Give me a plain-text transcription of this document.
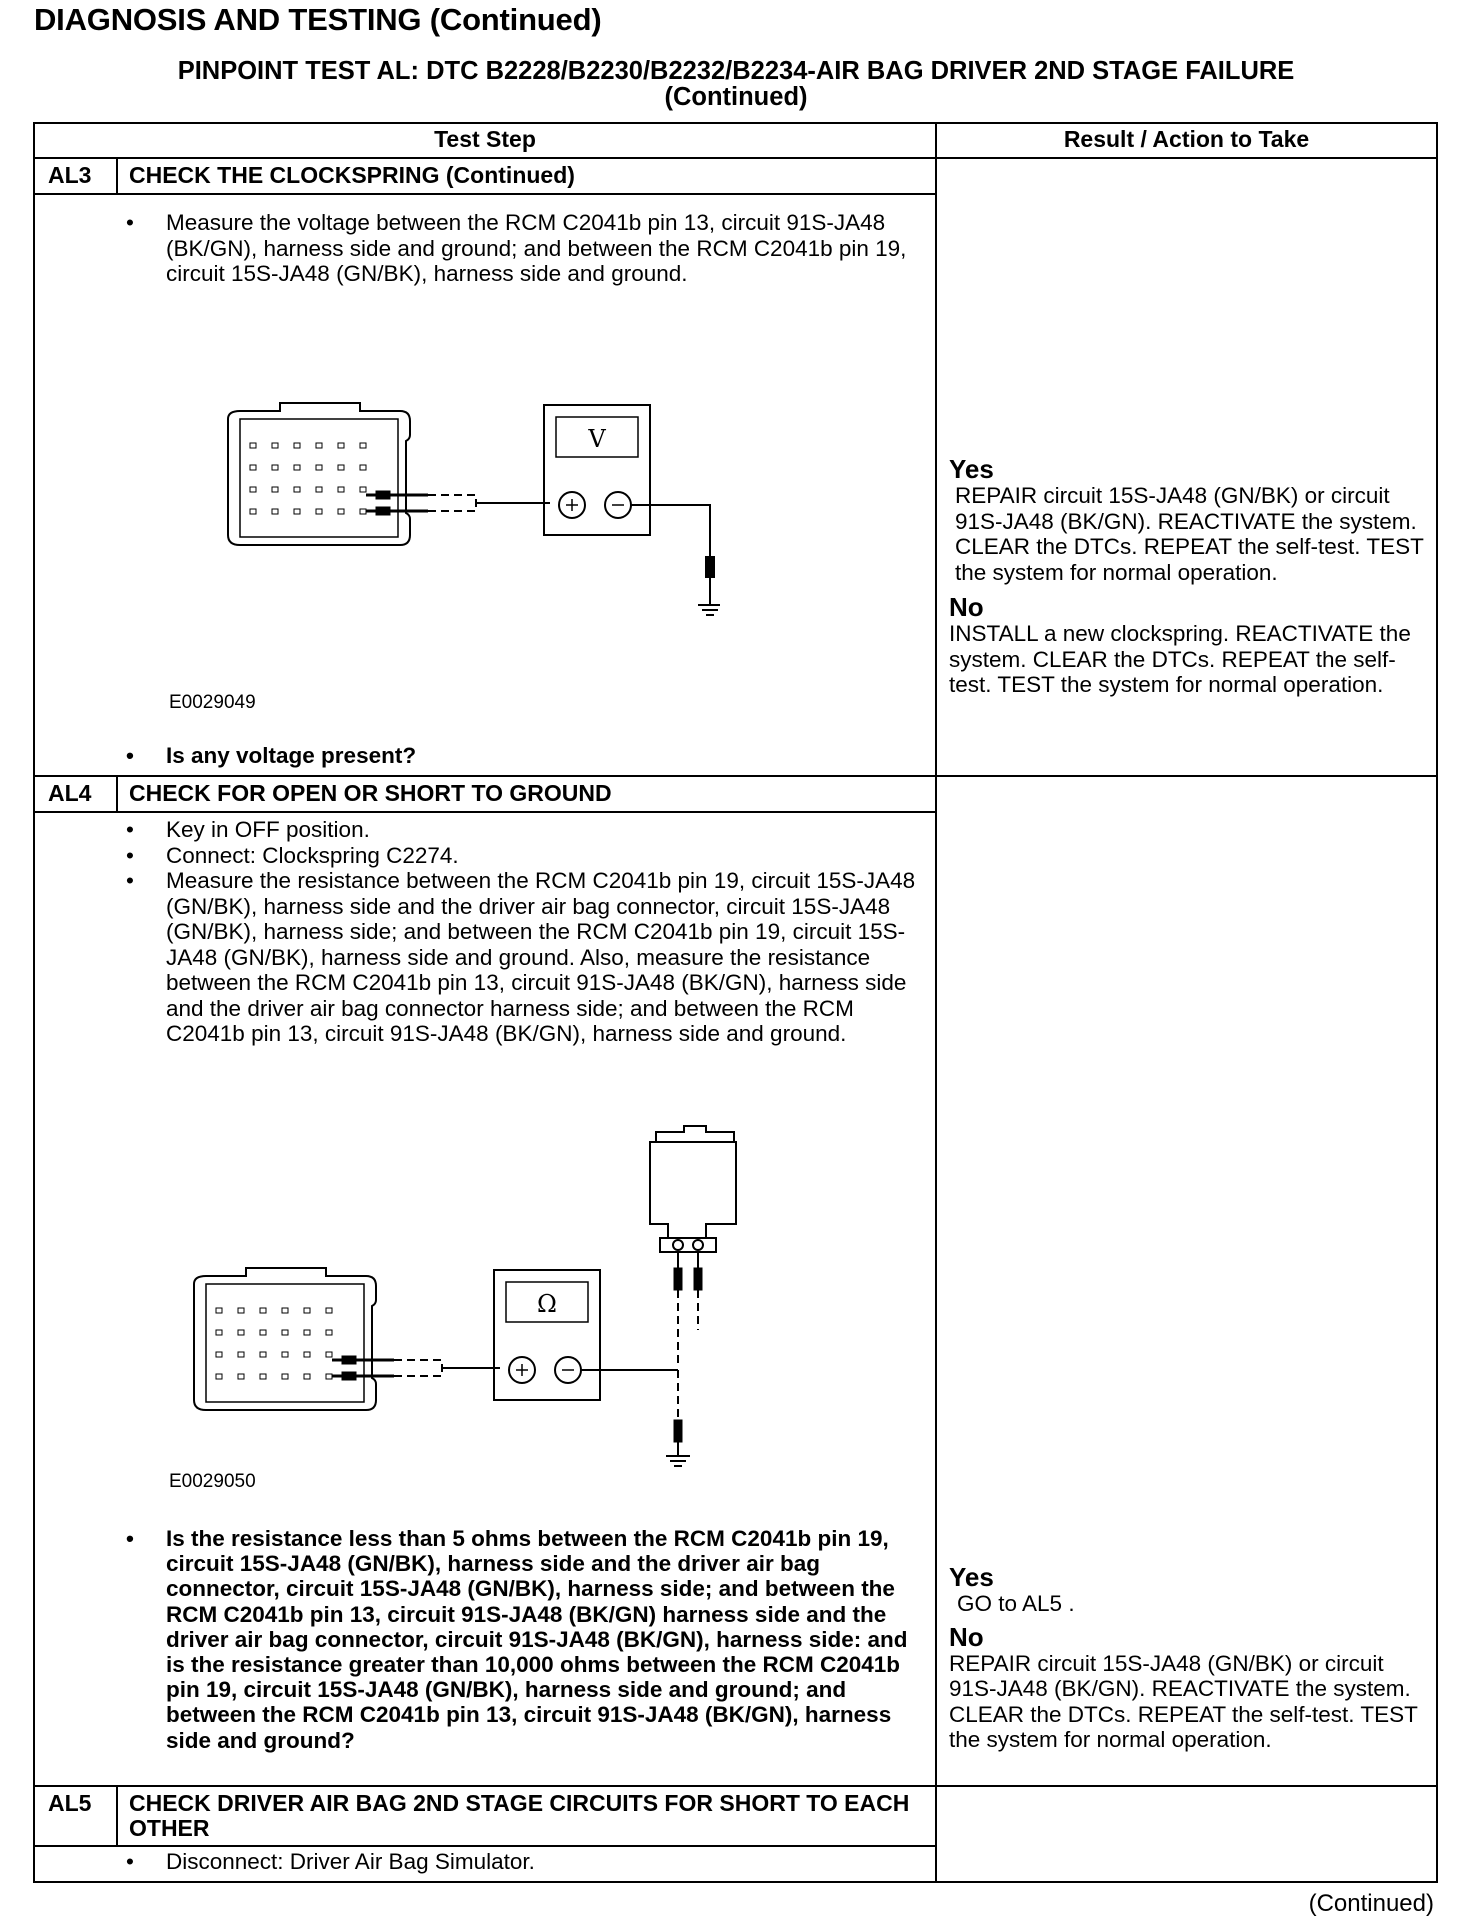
DIAGNOSIS AND TESTING (Continued)
PINPOINT TEST AL: DTC B2228/B2230/B2232/B2234-AIR BAG DRIVER 2ND STAGE FAILURE
(Continued)
Test Step	Result / Action to Take
AL3 CHECK THE CLOCKSPRING (Continued)
• Measure the voltage between the RCM C2041b pin 13, circuit 91S-JA48 (BK/GN), harness side and ground; and between the RCM C2041b pin 19, circuit 15S-JA48 (GN/BK), harness side and ground.
V
E0029049
• Is any voltage present?
Yes
REPAIR circuit 15S-JA48 (GN/BK) or circuit 91S-JA48 (BK/GN). REACTIVATE the system. CLEAR the DTCs. REPEAT the self-test. TEST the system for normal operation.
No
INSTALL a new clockspring. REACTIVATE the system. CLEAR the DTCs. REPEAT the self-test. TEST the system for normal operation.
AL4 CHECK FOR OPEN OR SHORT TO GROUND
• Key in OFF position.
• Connect: Clockspring C2274.
• Measure the resistance between the RCM C2041b pin 19, circuit 15S-JA48 (GN/BK), harness side and the driver air bag connector, circuit 15S-JA48 (GN/BK), harness side; and between the RCM C2041b pin 19, circuit 15S-JA48 (GN/BK), harness side and ground. Also, measure the resistance between the RCM C2041b pin 13, circuit 91S-JA48 (BK/GN), harness side and the driver air bag connector harness side; and between the RCM C2041b pin 13, circuit 91S-JA48 (BK/GN), harness side and ground.
Ω
E0029050
• Is the resistance less than 5 ohms between the RCM C2041b pin 19, circuit 15S-JA48 (GN/BK), harness side and the driver air bag connector, circuit 15S-JA48 (GN/BK), harness side; and between the RCM C2041b pin 13, circuit 91S-JA48 (BK/GN) harness side and the driver air bag connector, circuit 91S-JA48 (BK/GN), harness side: and is the resistance greater than 10,000 ohms between the RCM C2041b pin 19, circuit 15S-JA48 (GN/BK), harness side and ground; and between the RCM C2041b pin 13, circuit 91S-JA48 (BK/GN), harness side and ground?
Yes
GO to AL5 .
No
REPAIR circuit 15S-JA48 (GN/BK) or circuit 91S-JA48 (BK/GN). REACTIVATE the system. CLEAR the DTCs. REPEAT the self-test. TEST the system for normal operation.
AL5 CHECK DRIVER AIR BAG 2ND STAGE CIRCUITS FOR SHORT TO EACH OTHER
• Disconnect: Driver Air Bag Simulator.
(Continued)
